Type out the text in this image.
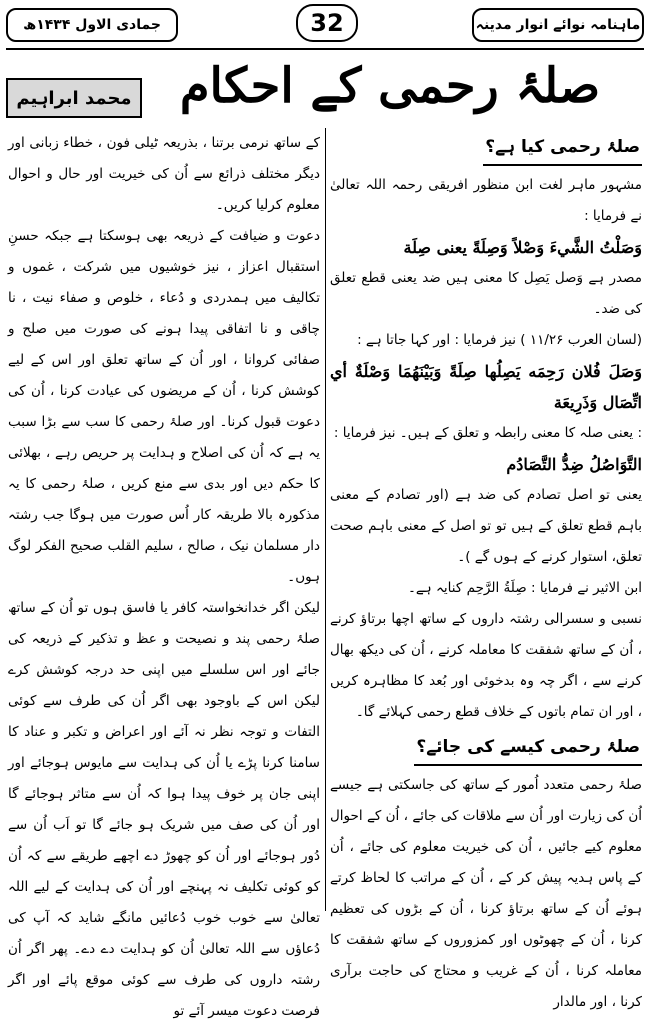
ماہنامہ نوائے انوار مدینہ
32
جمادی الاول ۱۴۳۴ھ
صلۂ رحمی کے احکام
محمد ابراہیم
صلۂ رحمی کیا ہے؟

مشہور ماہر لغت ابن منظور افریقی رحمہ اللہ تعالیٰ نے فرمایا :

وَصَلْتُ الشَّيءَ وَصْلاً وَصِلَةً يعنى صِلَة

مصدر ہے وَصل یَصِل کا معنی ہیں ضد یعنی قطع تعلق کی ضد۔

(لسان العرب ۱۱/۲۶ ) نیز فرمایا : اور کہا جاتا ہے :

وَصَلَ فُلان رَحِمَه يَصِلُها صِلَةً وَبَيْنَهُمَا وَصْلَةٌ أي اتِّصَال وَذَرِيعَة

: یعنی صلہ کا معنی رابطہ و تعلق کے ہیں۔ نیز فرمایا :

التَّوَاصُلُ ضِدُّ التَّصَادُم

یعنی تو اصل تصادم کی ضد ہے (اور تصادم کے معنی باہم قطع تعلق کے ہیں تو تو اصل کے معنی باہم صحت تعلق، استوار کرنے کے ہوں گے )۔

ابن الاثیر نے فرمایا : صِلَةُ الرَّحِم کنایہ ہے۔

نسبی و سسرالی رشتہ داروں کے ساتھ اچھا برتاؤ کرنے ، اُن کے ساتھ شفقت کا معاملہ کرنے ، اُن کی دیکھ بھال کرنے سے ، اگر چہ وہ بدخوئی اور بُعد کا مظاہرہ کریں ، اور ان تمام باتوں کے خلاف قطع رحمی کہلائے گا۔

صلۂ رحمی کیسے کی جائے؟

صلۂ رحمی متعدد اُمور کے ساتھ کی جاسکتی ہے جیسے اُن کی زیارت اور اُن سے ملاقات کی جائے ، اُن کے احوال معلوم کیے جائیں ، اُن کی خیریت معلوم کی جائے ، اُن کے پاس ہدیہ پیش کر کے ، اُن کے مراتب کا لحاظ کرتے ہوئے اُن کے ساتھ برتاؤ کرنا ، اُن کے بڑوں کی تعظیم کرنا ، اُن کے چھوٹوں اور کمزوروں کے ساتھ شفقت کا معاملہ کرنا ، اُن کے غریب و محتاج کی حاجت برآری کرنا ، اور مالدار

کے ساتھ نرمی برتنا ، بذریعہ ٹیلی فون ، خطاء زبانی اور دیگر مختلف ذرائع سے اُن کی خیریت اور حال و احوال معلوم کرلیا کریں۔

دعوت و ضیافت کے ذریعہ بھی ہوسکتا ہے جبکہ حسنِ استقبال اعزاز ، نیز خوشیوں میں شرکت ، غموں و تکالیف میں ہمدردی و دُعاء ، خلوص و صفاء نیت ، نا چاقی و نا اتفاقی پیدا ہونے کی صورت میں صلح و صفائی کروانا ، اور اُن کے ساتھ تعلق اور اس کے لیے کوشش کرنا ، اُن کے مریضوں کی عیادت کرنا ، اُن کی دعوت قبول کرنا۔ اور صلۂ رحمی کا سب سے بڑا سبب یہ ہے کہ اُن کی اصلاح و ہدایت پر حریص رہے ، بھلائی کا حکم دیں اور بدی سے منع کریں ، صلۂ رحمی کا یہ مذکورہ بالا طریقہ کار اُس صورت میں ہوگا جب رشتہ دار مسلمان نیک ، صالح ، سلیم القلب صحیح الفکر لوگ ہوں۔

لیکن اگر خدانخواستہ کافر یا فاسق ہوں تو اُن کے ساتھ صلۂ رحمی پند و نصیحت و عظ و تذکیر کے ذریعہ کی جائے اور اس سلسلے میں اپنی حد درجہ کوشش کرے لیکن اس کے باوجود بھی اگر اُن کی طرف سے کوئی التفات و توجہ نظر نہ آئے اور اعراض و تکبر و عناد کا سامنا کرنا پڑے یا اُن کی ہدایت سے مایوس ہوجائے اور اپنی جان پر خوف پیدا ہوا کہ اُن سے متاثر ہوجائے گا اور اُن کی صف میں شریک ہو جائے گا تو اَب اُن سے دُور ہوجائے اور اُن کو چھوڑ دے اچھے طریقے سے کہ اُن کو کوئی تکلیف نہ پہنچے اور اُن کی ہدایت کے لیے اللہ تعالیٰ سے خوب خوب دُعائیں مانگے شاید کہ آپ کی دُعاؤں سے اللہ تعالیٰ اُن کو ہدایت دے دے۔ پھر اگر اُن رشتہ داروں کی طرف سے کوئی موقع پائے اور اگر فرصت دعوت میسر آئے تو
